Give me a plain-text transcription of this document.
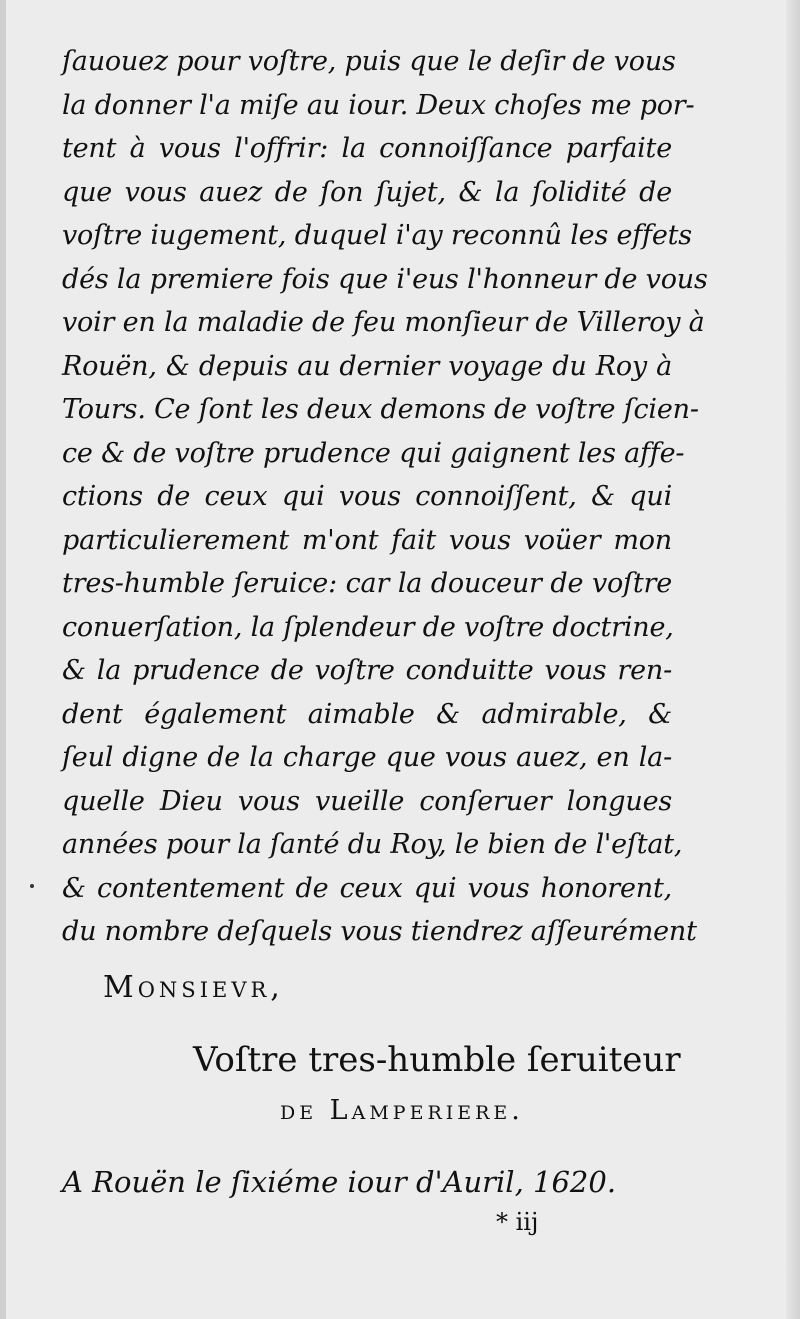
ſauouez pour voſtre, puis que le deſir de vous
la donner l'a miſe au iour. Deux choſes me por-
tent à vous l'offrir: la connoiſſance parfaite
que vous auez de ſon ſujet, & la ſolidité de
voſtre iugement, duquel i'ay reconnû les effets
dés la premiere fois que i'eus l'honneur de vous
voir en la maladie de feu monſieur de Villeroy à
Rouën, & depuis au dernier voyage du Roy à
Tours. Ce ſont les deux demons de voſtre ſcien-
ce & de voſtre prudence qui gaignent les affe-
ctions de ceux qui vous connoiſſent, & qui
particulierement m'ont fait vous voüer mon
tres-humble ſeruice: car la douceur de voſtre
conuerſation, la ſplendeur de voſtre doctrine,
& la prudence de voſtre conduitte vous ren-
dent également aimable & admirable, &
ſeul digne de la charge que vous auez, en la-
quelle Dieu vous vueille conſeruer longues
années pour la ſanté du Roy, le bien de l'eſtat,
& contentement de ceux qui vous honorent,
du nombre deſquels vous tiendrez aſſeurément
Monsievr,
Voſtre tres-humble ſeruiteur
de Lamperiere.
A Rouën le ſixiéme iour d'Auril, 1620.
* iij
